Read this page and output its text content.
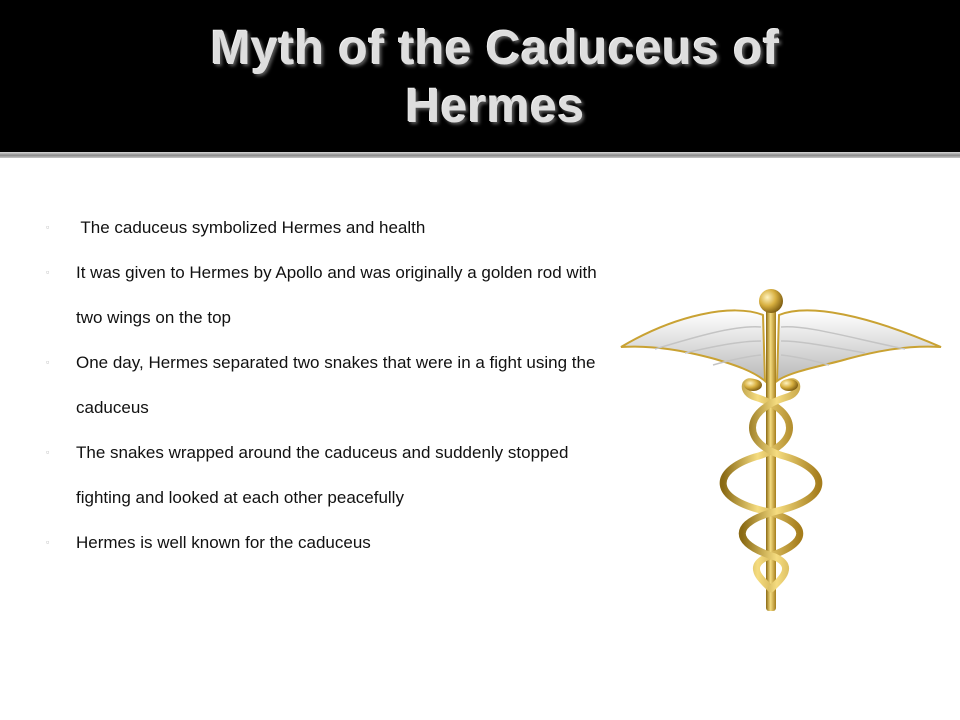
Myth of the Caduceus of Hermes
▫	The caduceus symbolized Hermes and health
▫	It was given to Hermes by Apollo and was originally a golden rod with two wings on the top
▫	One day, Hermes separated two snakes that were in a fight using the caduceus
▫	The snakes wrapped around the caduceus and suddenly stopped fighting and looked at each other peacefully
▫	Hermes is well known for the caduceus
